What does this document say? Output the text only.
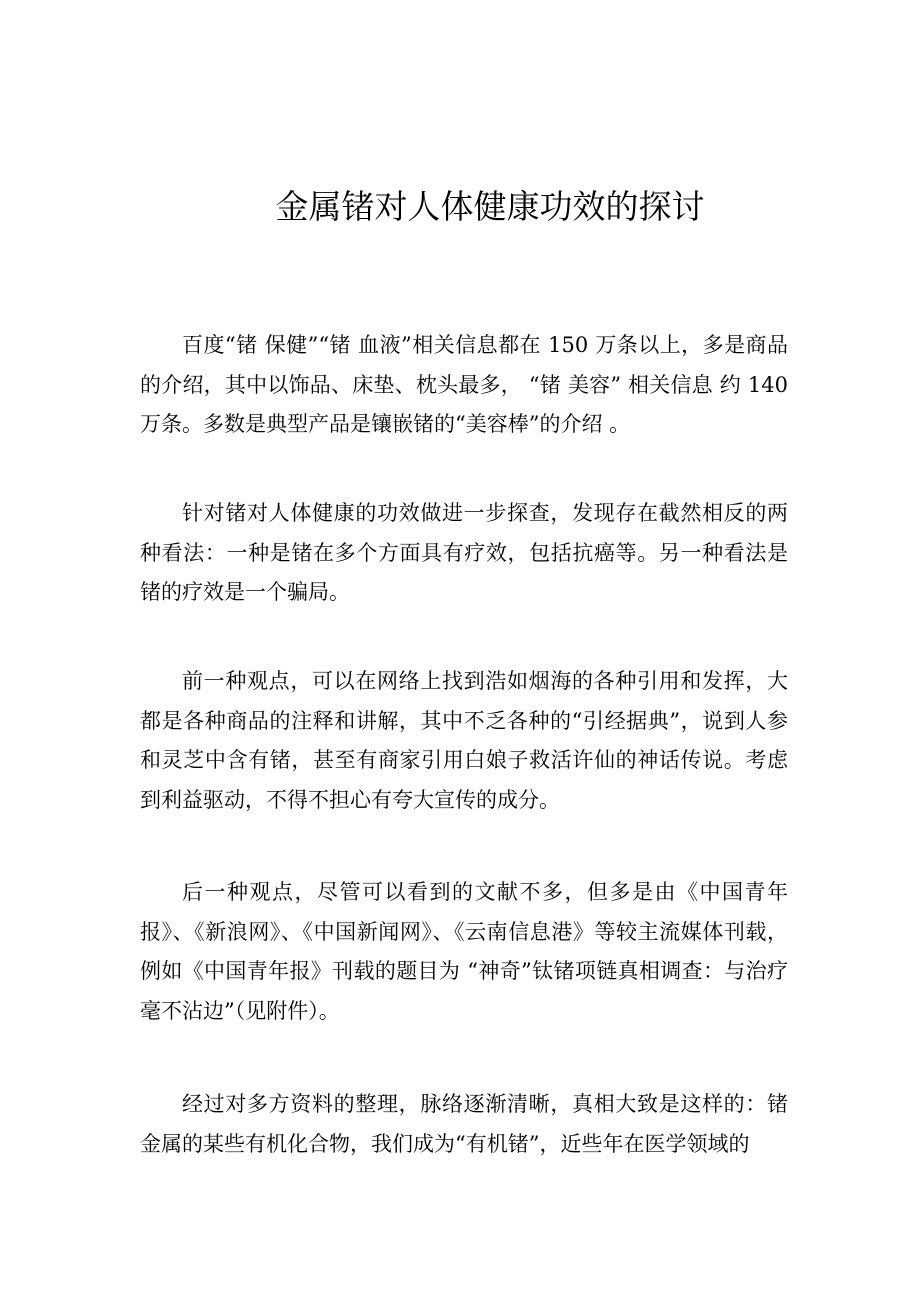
金属锗对人体健康功效的探讨

百度“锗 保健”“锗 血液”相关信息都在 150 万条以上，多是商品的介绍，其中以饰品、床垫、枕头最多， “锗 美容” 相关信息 约 140 万条。多数是典型产品是镶嵌锗的“美容棒”的介绍 。

针对锗对人体健康的功效做进一步探查，发现存在截然相反的两种看法：一种是锗在多个方面具有疗效，包括抗癌等。另一种看法是锗的疗效是一个骗局。

前一种观点，可以在网络上找到浩如烟海的各种引用和发挥，大都是各种商品的注释和讲解，其中不乏各种的“引经据典”，说到人参和灵芝中含有锗，甚至有商家引用白娘子救活许仙的神话传说。考虑到利益驱动，不得不担心有夸大宣传的成分。

后一种观点，尽管可以看到的文献不多，但多是由《中国青年报》、《新浪网》、《中国新闻网》、《云南信息港》等较主流媒体刊载，例如《中国青年报》刊载的题目为 “神奇”钛锗项链真相调查：与治疗毫不沾边”（见附件）。

经过对多方资料的整理，脉络逐渐清晰，真相大致是这样的：锗金属的某些有机化合物，我们成为“有机锗”，近些年在医学领域的
